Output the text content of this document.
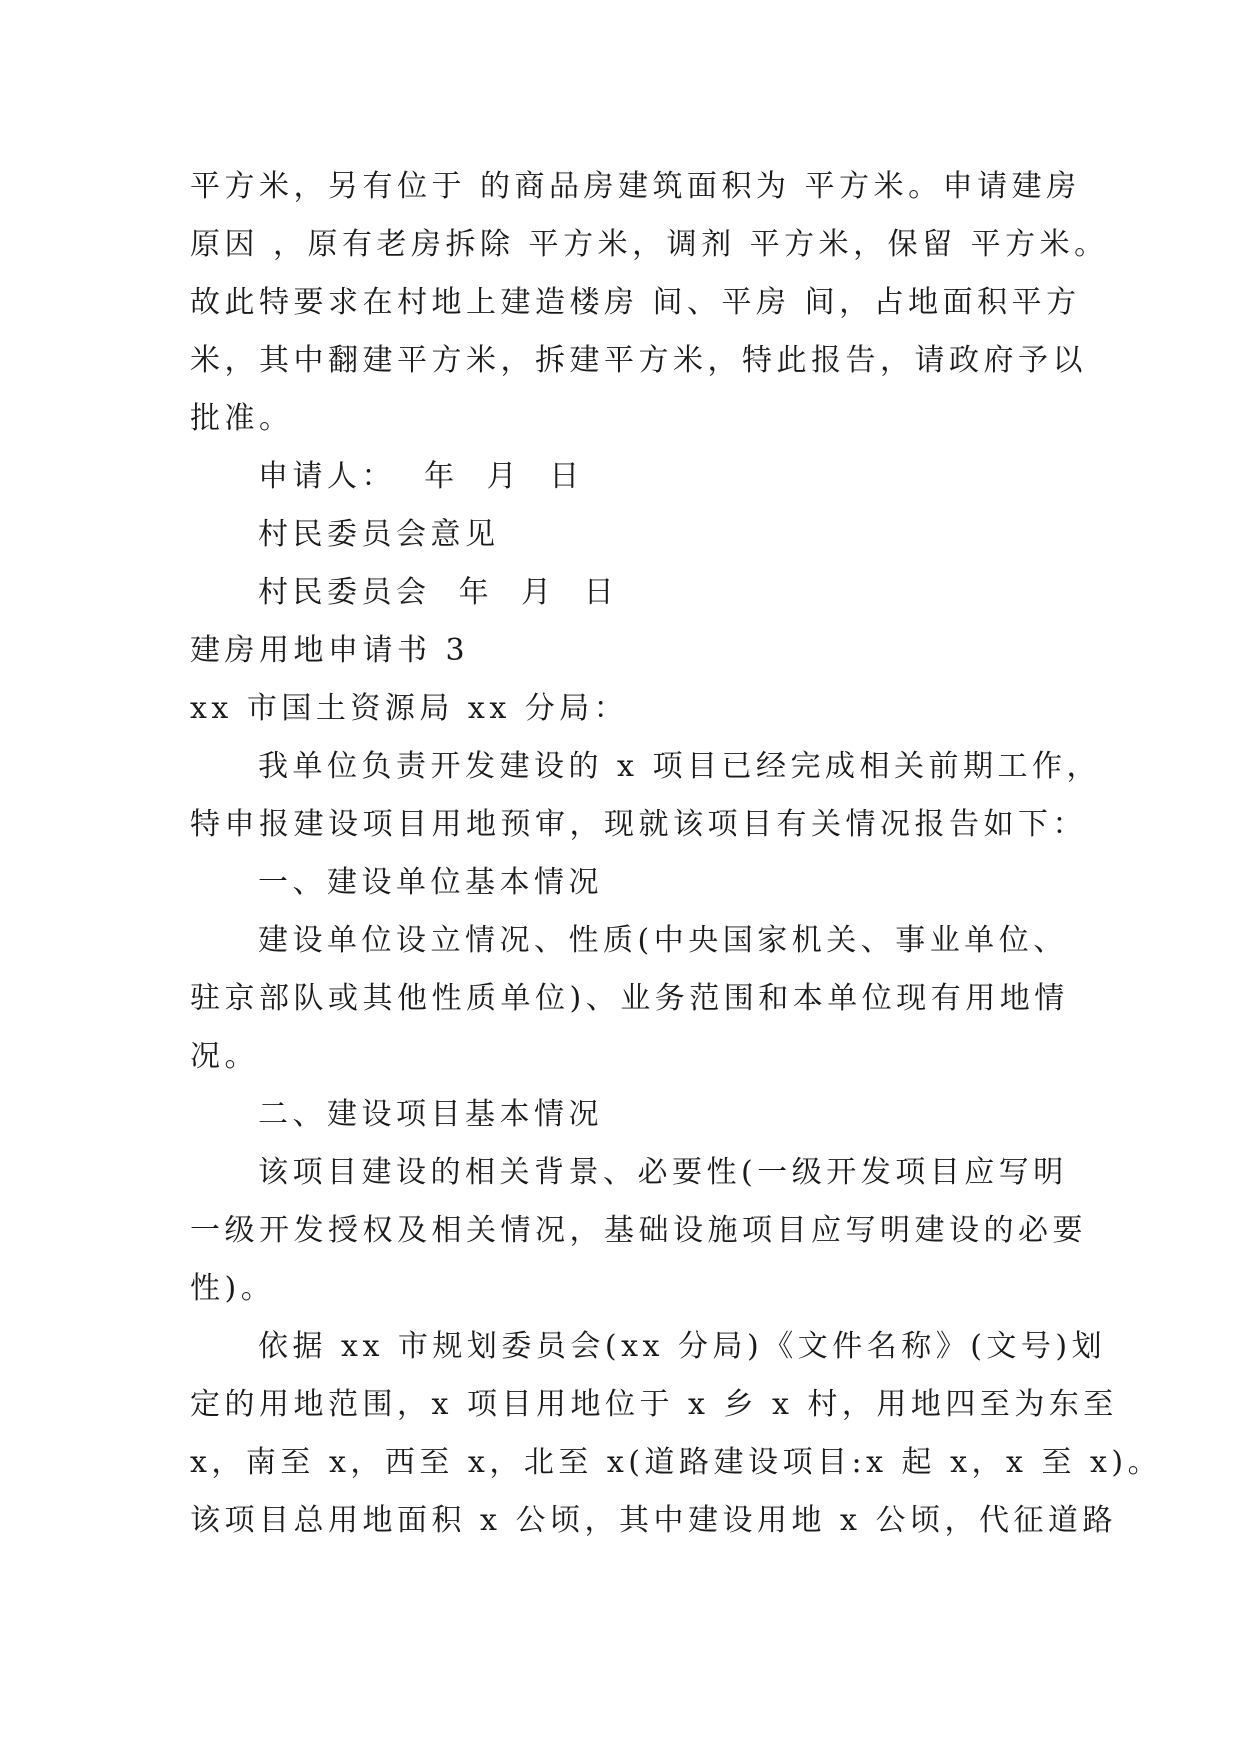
平方米，另有位于 的商品房建筑面积为 平方米。申请建房

原因 ，原有老房拆除 平方米，调剂 平方米，保留 平方米。

故此特要求在村地上建造楼房 间、平房 间，占地面积平方

米，其中翻建平方米，拆建平方米，特此报告，请政府予以

批准。

申请人：  年  月  日

村民委员会意见

村民委员会  年  月  日

建房用地申请书 3

xx 市国土资源局 xx 分局：

我单位负责开发建设的 x 项目已经完成相关前期工作，

特申报建设项目用地预审，现就该项目有关情况报告如下：

一、建设单位基本情况

建设单位设立情况、性质(中央国家机关、事业单位、

驻京部队或其他性质单位)、业务范围和本单位现有用地情

况。

二、建设项目基本情况

该项目建设的相关背景、必要性(一级开发项目应写明

一级开发授权及相关情况，基础设施项目应写明建设的必要

性)。

依据 xx 市规划委员会(xx 分局)《文件名称》(文号)划

定的用地范围，x 项目用地位于 x 乡 x 村，用地四至为东至

x，南至 x，西至 x，北至 x(道路建设项目:x 起 x，x 至 x)。

该项目总用地面积 x 公顷，其中建设用地 x 公顷，代征道路
